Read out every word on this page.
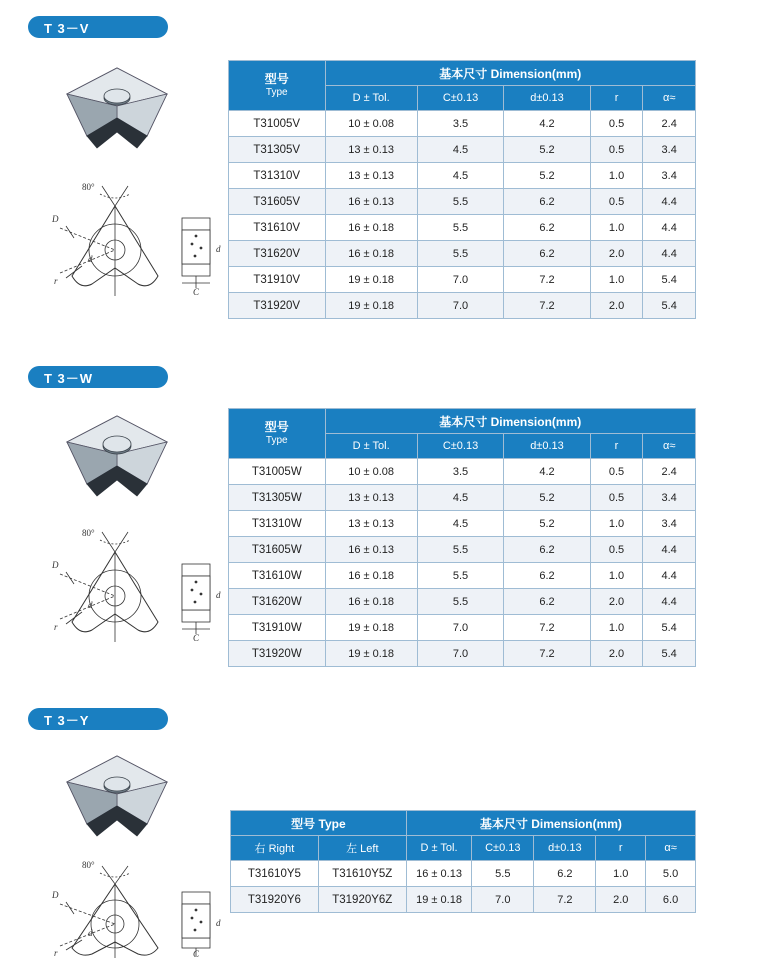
T 3－V
80°
D
r
d
d
C
型号
Type	基本尺寸 Dimension(mm)				
	D ± Tol.	C±0.13	d±0.13	r	α≈
T31005V	10 ± 0.08	3.5	4.2	0.5	2.4
T31305V	13 ± 0.13	4.5	5.2	0.5	3.4
T31310V	13 ± 0.13	4.5	5.2	1.0	3.4
T31605V	16 ± 0.13	5.5	6.2	0.5	4.4
T31610V	16 ± 0.18	5.5	6.2	1.0	4.4
T31620V	16 ± 0.18	5.5	6.2	2.0	4.4
T31910V	19 ± 0.18	7.0	7.2	1.0	5.4
T31920V	19 ± 0.18	7.0	7.2	2.0	5.4
T 3－W
80°
D
r
d
d
C
型号
Type	基本尺寸 Dimension(mm)				
	D ± Tol.	C±0.13	d±0.13	r	α≈
T31005W	10 ± 0.08	3.5	4.2	0.5	2.4
T31305W	13 ± 0.13	4.5	5.2	0.5	3.4
T31310W	13 ± 0.13	4.5	5.2	1.0	3.4
T31605W	16 ± 0.13	5.5	6.2	0.5	4.4
T31610W	16 ± 0.18	5.5	6.2	1.0	4.4
T31620W	16 ± 0.18	5.5	6.2	2.0	4.4
T31910W	19 ± 0.18	7.0	7.2	1.0	5.4
T31920W	19 ± 0.18	7.0	7.2	2.0	5.4
T 3－Y
80°
D
r
d
d
C
型号 Type		基本尺寸 Dimension(mm)				
右 Right	左 Left	D ± Tol.	C±0.13	d±0.13	r	α≈
T31610Y5	T31610Y5Z	16 ± 0.13	5.5	6.2	1.0	5.0
T31920Y6	T31920Y6Z	19 ± 0.18	7.0	7.2	2.0	6.0
